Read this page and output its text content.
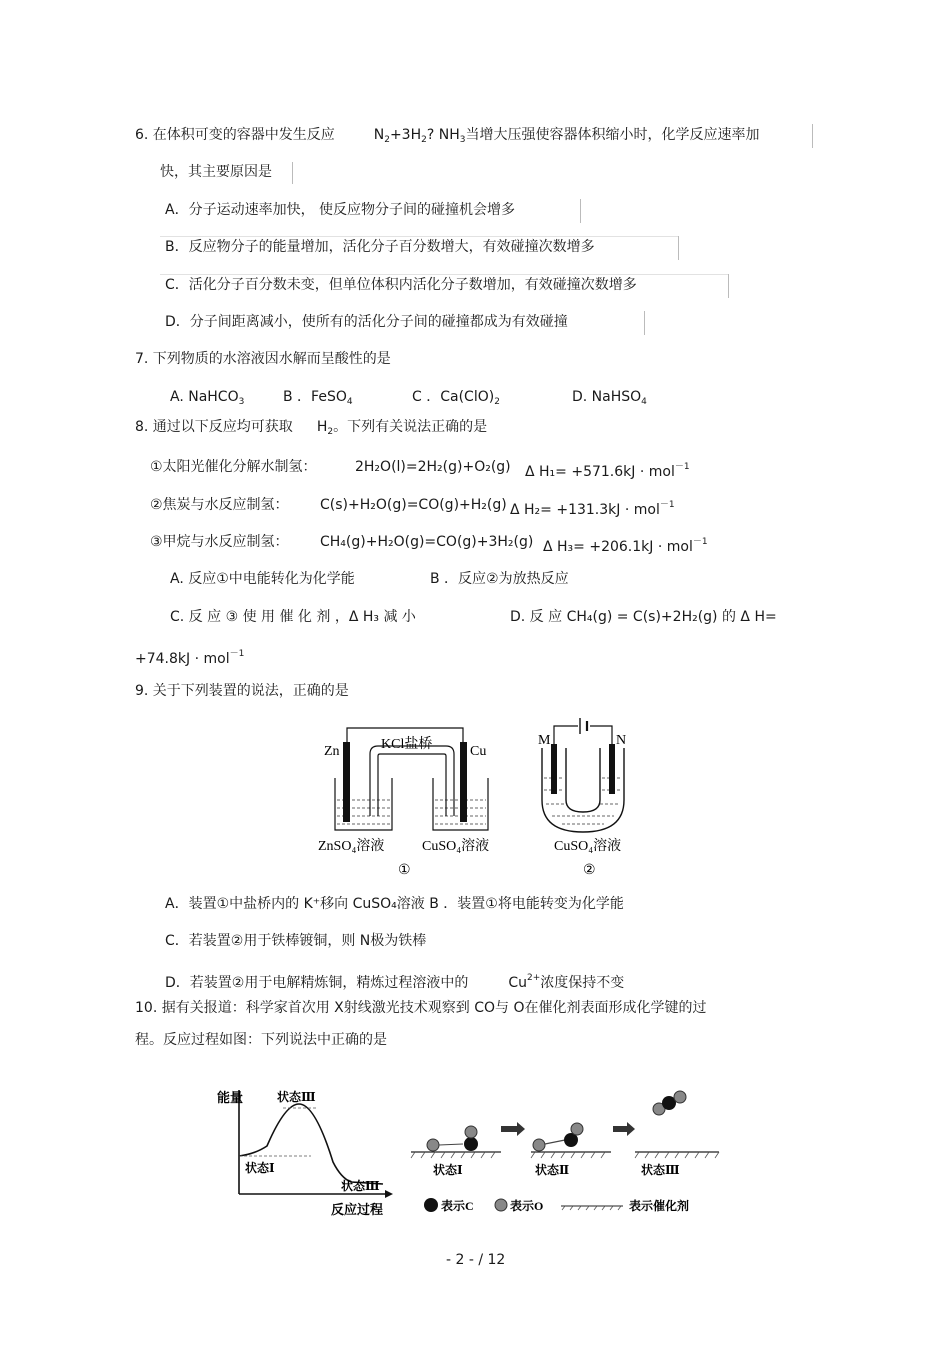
6. 在体积可变的容器中发生反应	$N_2+3H_2$? $NH_3$当增大压强使容器体积缩小时，化学反应速率加
快，其主要原因是
A．分子运动速率加快， 使反应物分子间的碰撞机会增多
B．反应物分子的能量增加，活化分子百分数增大，有效碰撞次数增多
C．活化分子百分数未变，但单位体积内活化分子数增加，有效碰撞次数增多
D．分子间距离减小，使所有的活化分子间的碰撞都成为有效碰撞
7. 下列物质的水溶液因水解而呈酸性的是
A. NaHCO$_3$	B ．FeSO$_4$	C ．$Ca(ClO)_2$	D. NaHSO$_4$
8. 通过以下反应均可获取 $H_2$。下列有关说法正确的是
①太阳光催化分解水制氢：	2H₂O(l)=2H₂(g)+O₂(g) Δ H₁= +571.6kJ · mol$^{-1}$
②焦炭与水反应制氢： C(s)+H₂O(g)=CO(g)+H₂(g) Δ H₂= +131.3kJ · mol$^{-1}$
③甲烷与水反应制氢： CH₄(g)+H₂O(g)=CO(g)+3H₂(g) Δ H₃= +206.1kJ · mol$^{-1}$
A. 反应①中电能转化为化学能	B ．反应②为放热反应
C. 反 应 ③ 使 用 催 化 剂 ，Δ H₃ 减 小	D. 反 应 CH₄(g) = C(s)+2H₂(g) 的 Δ H=
+74.8kJ · mol$^{-1}$
9. 关于下列装置的说法，正确的是
KCl盐桥
Zn	Cu
ZnSO₄溶液	CuSO₄溶液
①
M	N
CuSO₄溶液
②
A．装置①中盐桥内的 K⁺移向 CuSO₄溶液 B ．装置①将电能转变为化学能
C．若装置②用于铁棒镀铜，则 N极为铁棒
D．若装置②用于电解精炼铜，精炼过程溶液中的	$Cu^{2+}$浓度保持不变
10. 据有关报道：科学家首次用 X射线激光技术观察到 CO与 O在催化剂表面形成化学键的过
程。反应过程如图：下列说法中正确的是
能量	状态Ⅲ
状态Ⅰ
状态Ⅲ
反应过程
状态Ⅰ	状态Ⅱ	状态Ⅲ
表示C	表示O	表示催化剂
- 2 - / 12
